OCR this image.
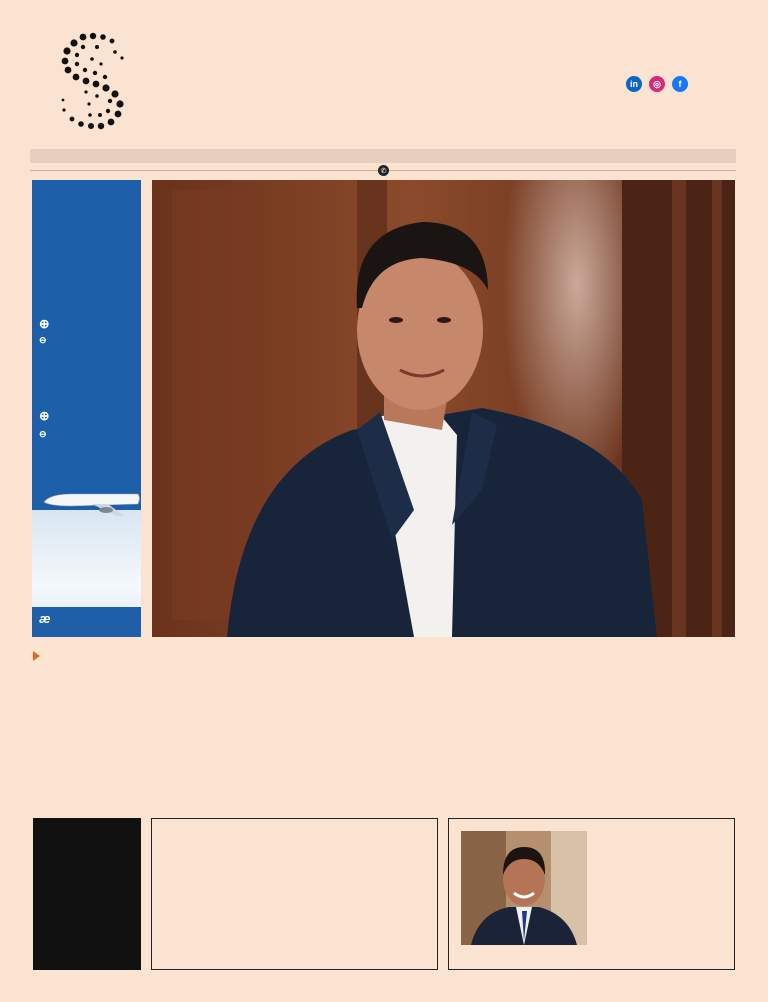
in	◎	f
✆
⊕
⊖
⊕
⊖
æ
